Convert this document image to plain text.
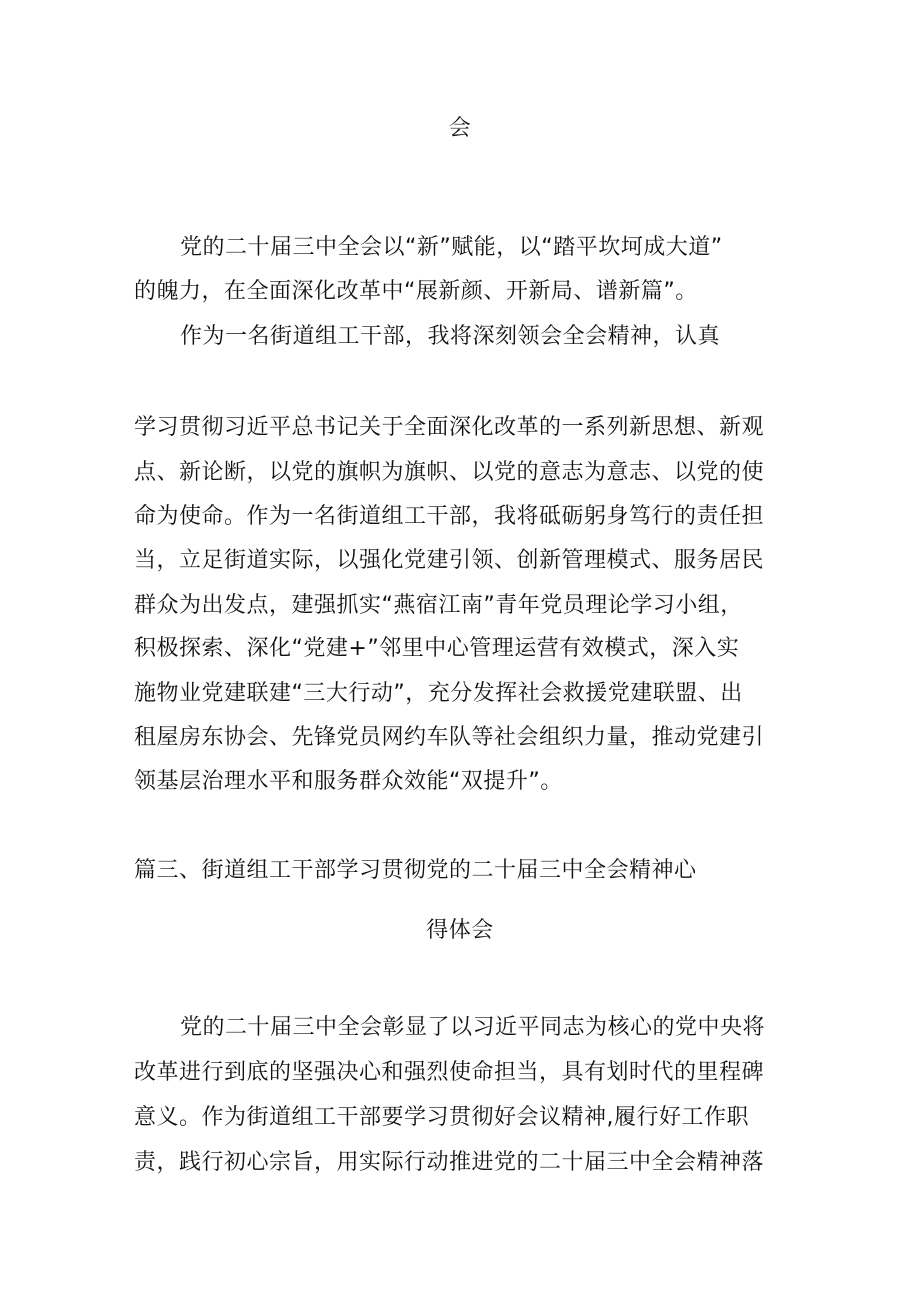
会
党的二十届三中全会以“新”赋能，以“踏平坎坷成大道”
的魄力，在全面深化改革中“展新颜、开新局、谱新篇”。
作为一名街道组工干部，我将深刻领会全会精神，认真
学习贯彻习近平总书记关于全面深化改革的一系列新思想、新观
点、新论断，以党的旗帜为旗帜、以党的意志为意志、以党的使
命为使命。作为一名街道组工干部，我将砥砺躬身笃行的责任担
当，立足街道实际，以强化党建引领、创新管理模式、服务居民
群众为出发点，建强抓实“燕宿江南”青年党员理论学习小组，
积极探索、深化“党建+”邻里中心管理运营有效模式，深入实
施物业党建联建“三大行动”，充分发挥社会救援党建联盟、出
租屋房东协会、先锋党员网约车队等社会组织力量，推动党建引
领基层治理水平和服务群众效能“双提升”。
篇三、街道组工干部学习贯彻党的二十届三中全会精神心
得体会
党的二十届三中全会彰显了以习近平同志为核心的党中央将
改革进行到底的坚强决心和强烈使命担当，具有划时代的里程碑
意义。作为街道组工干部要学习贯彻好会议精神,履行好工作职
责，践行初心宗旨，用实际行动推进党的二十届三中全会精神落
